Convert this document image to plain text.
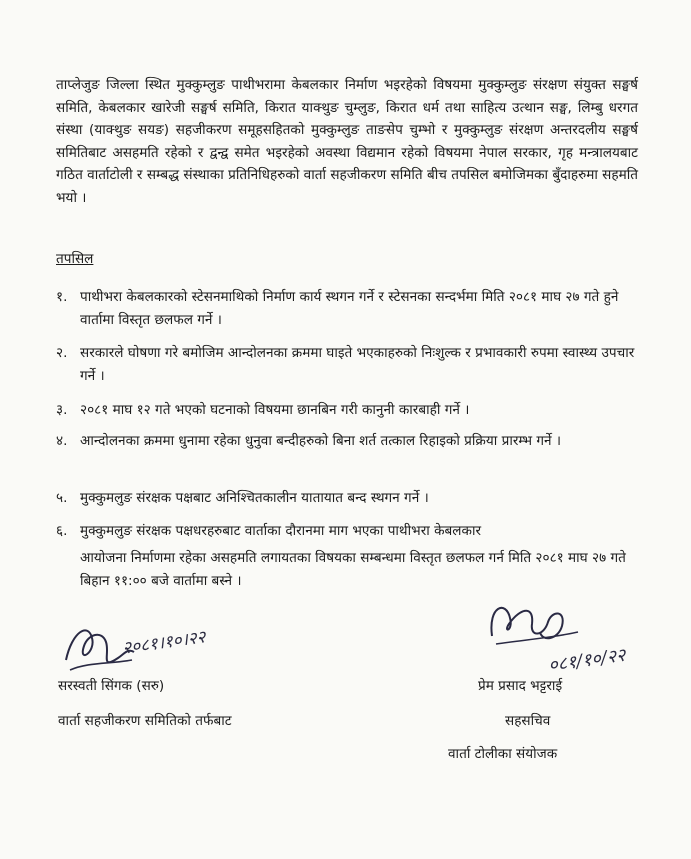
ताप्लेजुङ जिल्ला स्थित मुक्कुम्लुङ पाथीभरामा केबलकार निर्माण भइरहेको विषयमा मुक्कुम्लुङ संरक्षण संयुक्त सङ्घर्ष समिति, केबलकार खारेजी सङ्घर्ष समिति, किरात याक्थुङ चुम्लुङ, किरात धर्म तथा साहित्य उत्थान सङ्घ, लिम्बु धरगत संस्था (याक्थुङ सयङ) सहजीकरण समूहसहितको मुक्कुम्लुङ ताङसेप चुम्भो र मुक्कुम्लुङ संरक्षण अन्तरदलीय सङ्घर्ष समितिबाट असहमति रहेको र द्वन्द्व समेत भइरहेको अवस्था विद्यमान रहेको विषयमा नेपाल सरकार, गृह मन्त्रालयबाट गठित वार्ताटोली र सम्बद्ध संस्थाका प्रतिनिधिहरुको वार्ता सहजीकरण समिति बीच तपसिल बमोजिमका बुँदाहरुमा सहमति भयो ।
तपसिल
१. पाथीभरा केबलकारको स्टेसनमाथिको निर्माण कार्य स्थगन गर्ने र स्टेसनका सन्दर्भमा मिति २०८१ माघ २७ गते हुने वार्तामा विस्तृत छलफल गर्ने ।
२. सरकारले घोषणा गरे बमोजिम आन्दोलनका क्रममा घाइते भएकाहरुको निःशुल्क र प्रभावकारी रुपमा स्वास्थ्य उपचार गर्ने ।
३. २०८१ माघ १२ गते भएको घटनाको विषयमा छानबिन गरी कानुनी कारबाही गर्ने ।
४. आन्दोलनका क्रममा धुनामा रहेका धुनुवा बन्दीहरुको बिना शर्त तत्काल रिहाइको प्रक्रिया प्रारम्भ गर्ने ।
५. मुक्कुमलुङ संरक्षक पक्षबाट अनिश्चितकालीन यातायात बन्द स्थगन गर्ने ।
६. मुक्कुमलुङ संरक्षक पक्षधरहरुबाट वार्ताका दौरानमा माग भएका पाथीभरा केबलकार
आयोजना निर्माणमा रहेका असहमति लगायतका विषयका सम्बन्धमा विस्तृत छलफल गर्न मिति २०८१ माघ २७ गते बिहान ११:०० बजे वार्तामा बस्ने ।
२०८१।१०।२२
सरस्वती सिंगक (सरु)
वार्ता सहजीकरण समितिको तर्फबाट
०८१/१०/२२
प्रेम प्रसाद भट्टराई
सहसचिव
वार्ता टोलीका संयोजक
